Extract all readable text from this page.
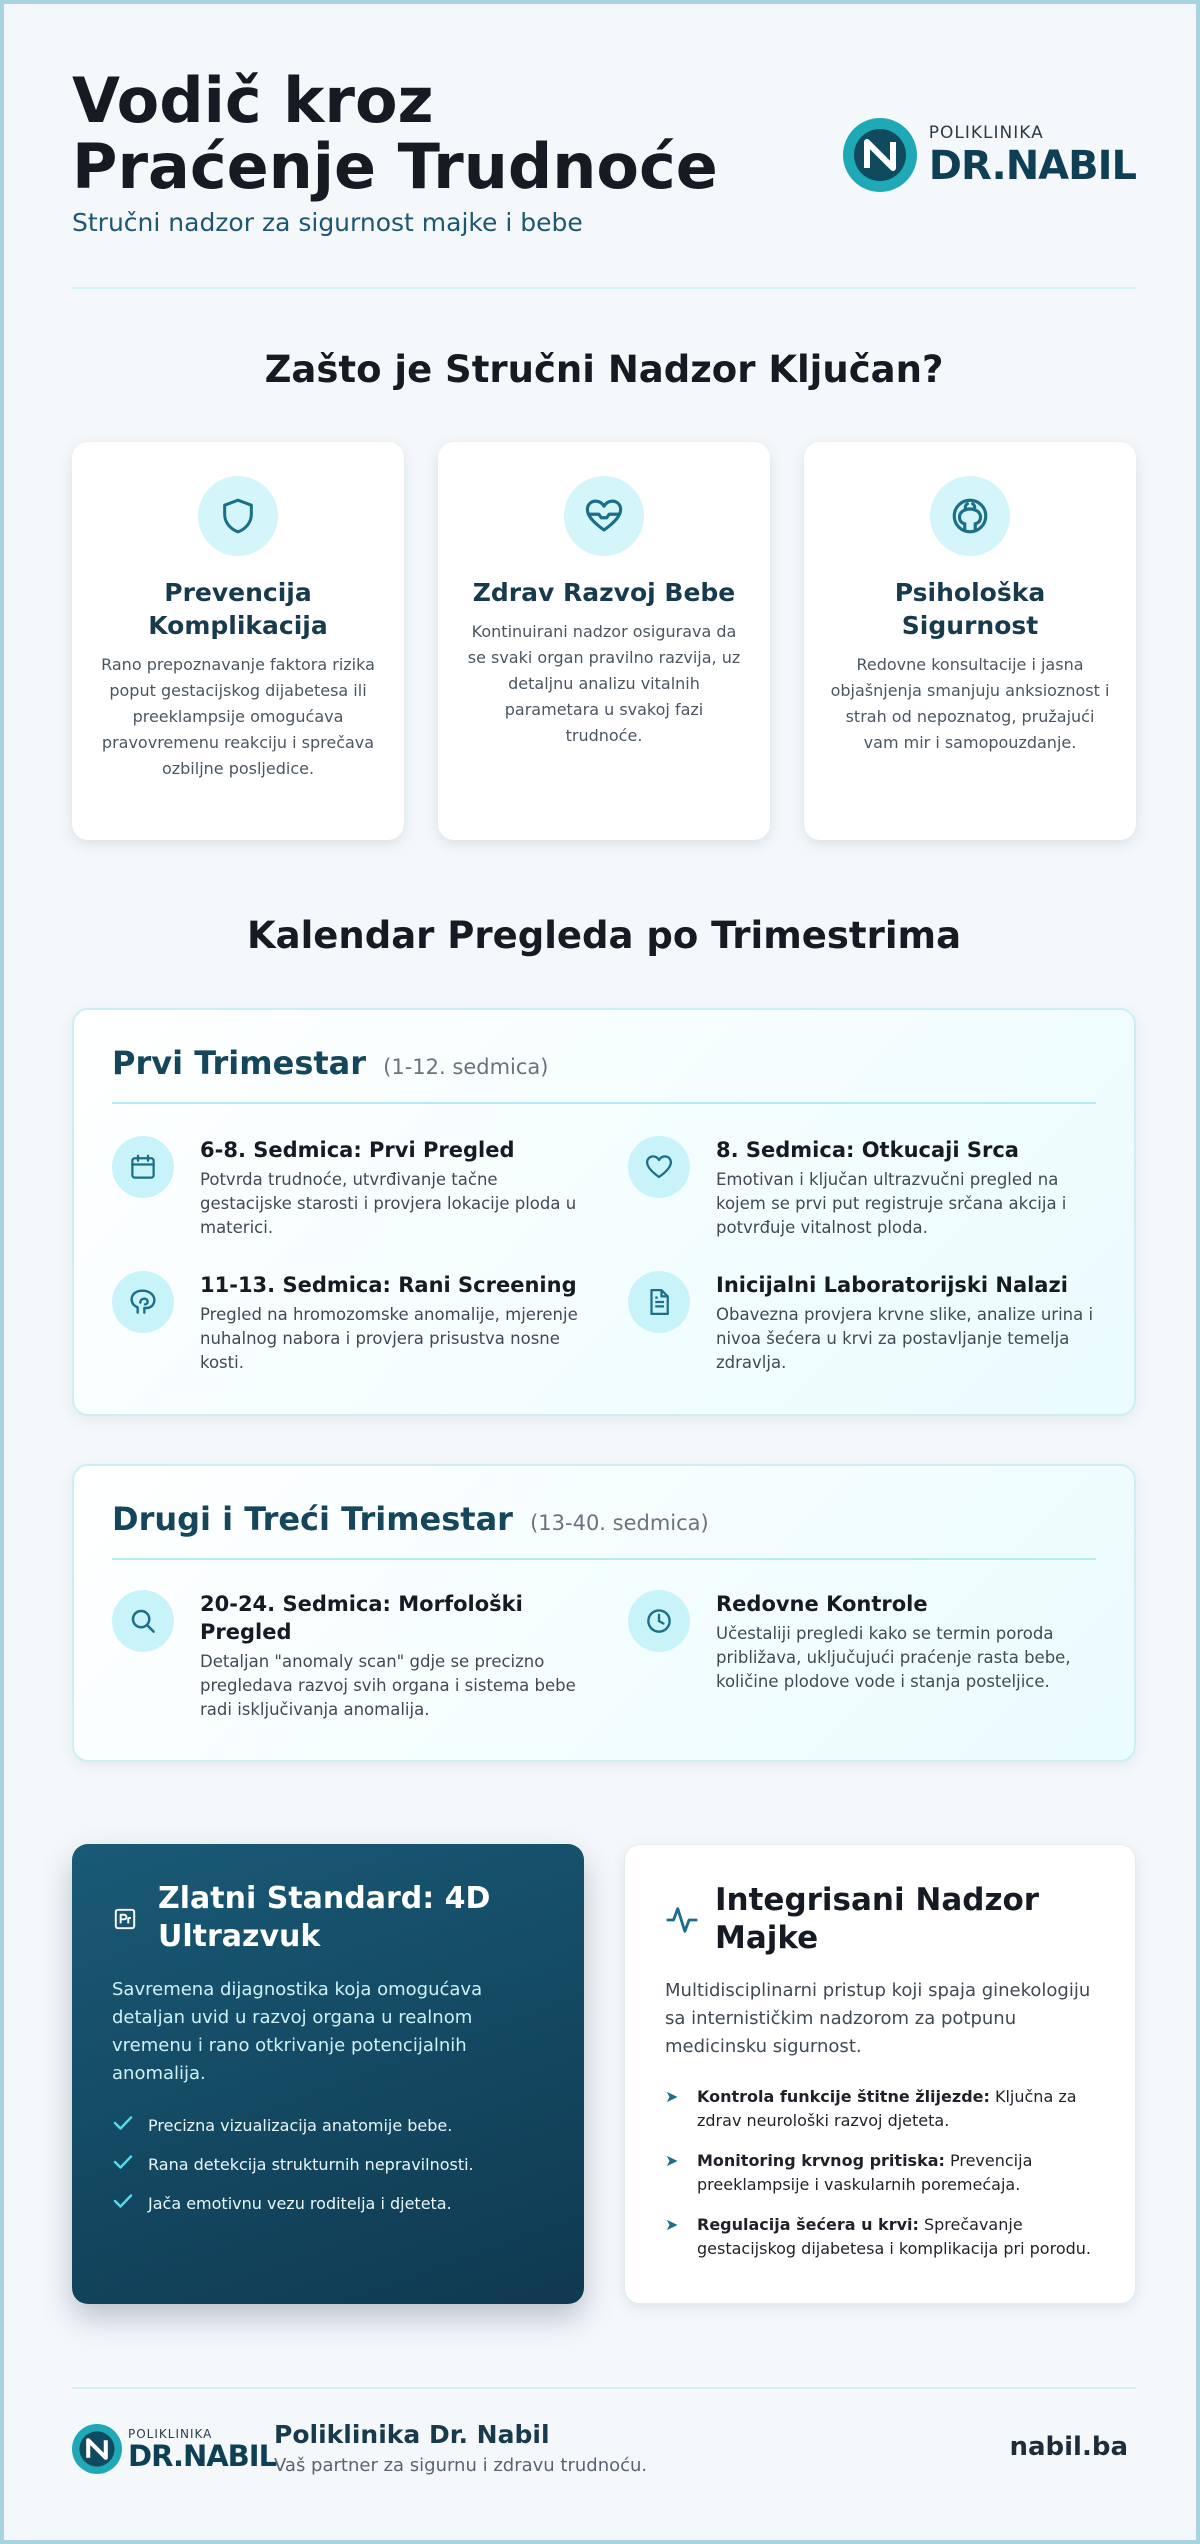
Vodič kroz Praćenje Trudnoće
Stručni nadzor za sigurnost majke i bebe
POLIKLINIKA
DR.NABIL
Zašto je Stručni Nadzor Ključan?
Prevencija Komplikacija

Rano prepoznavanje faktora rizika poput gestacijskog dijabetesa ili preeklampsije omogućava pravovremenu reakciju i sprečava ozbiljne posljedice.

Zdrav Razvoj Bebe

Kontinuirani nadzor osigurava da se svaki organ pravilno razvija, uz detaljnu analizu vitalnih parametara u svakoj fazi trudnoće.

Psihološka Sigurnost

Redovne konsultacije i jasna objašnjenja smanjuju anksioznost i strah od nepoznatog, pružajući vam mir i samopouzdanje.

Kalendar Pregleda po Trimestrima
Prvi Trimestar (1-12. sedmica)
6-8. Sedmica: Prvi Pregled

Potvrda trudnoće, utvrđivanje tačne gestacijske starosti i provjera lokacije ploda u materici.

8. Sedmica: Otkucaji Srca

Emotivan i ključan ultrazvučni pregled na kojem se prvi put registruje srčana akcija i potvrđuje vitalnost ploda.

11-13. Sedmica: Rani Screening

Pregled na hromozomske anomalije, mjerenje nuhalnog nabora i provjera prisustva nosne kosti.

Inicijalni Laboratorijski Nalazi

Obavezna provjera krvne slike, analize urina i nivoa šećera u krvi za postavljanje temelja zdravlja.

Drugi i Treći Trimestar (13-40. sedmica)
20-24. Sedmica: Morfološki Pregled

Detaljan "anomaly scan" gdje se precizno pregledava razvoj svih organa i sistema bebe radi isključivanja anomalija.

Redovne Kontrole

Učestaliji pregledi kako se termin poroda približava, uključujući praćenje rasta bebe, količine plodove vode i stanja posteljice.

Zlatni Standard: 4D Ultrazvuk

Savremena dijagnostika koja omogućava detaljan uvid u razvoj organa u realnom vremenu i rano otkrivanje potencijalnih anomalija.

Precizna vizualizacija anatomije bebe.
Rana detekcija strukturnih nepravilnosti.
Jača emotivnu vezu roditelja i djeteta.
Integrisani Nadzor Majke

Multidisciplinarni pristup koji spaja ginekologiju sa internističkim nadzorom za potpunu medicinsku sigurnost.

➤ Kontrola funkcije štitne žlijezde: Ključna za zdrav neurološki razvoj djeteta.
➤ Monitoring krvnog pritiska: Prevencija preeklampsije i vaskularnih poremećaja.
➤ Regulacija šećera u krvi: Sprečavanje gestacijskog dijabetesa i komplikacija pri porodu.
POLIKLINIKA
DR.NABIL
Poliklinika Dr. Nabil
Vaš partner za sigurnu i zdravu trudnoću.
nabil.ba
